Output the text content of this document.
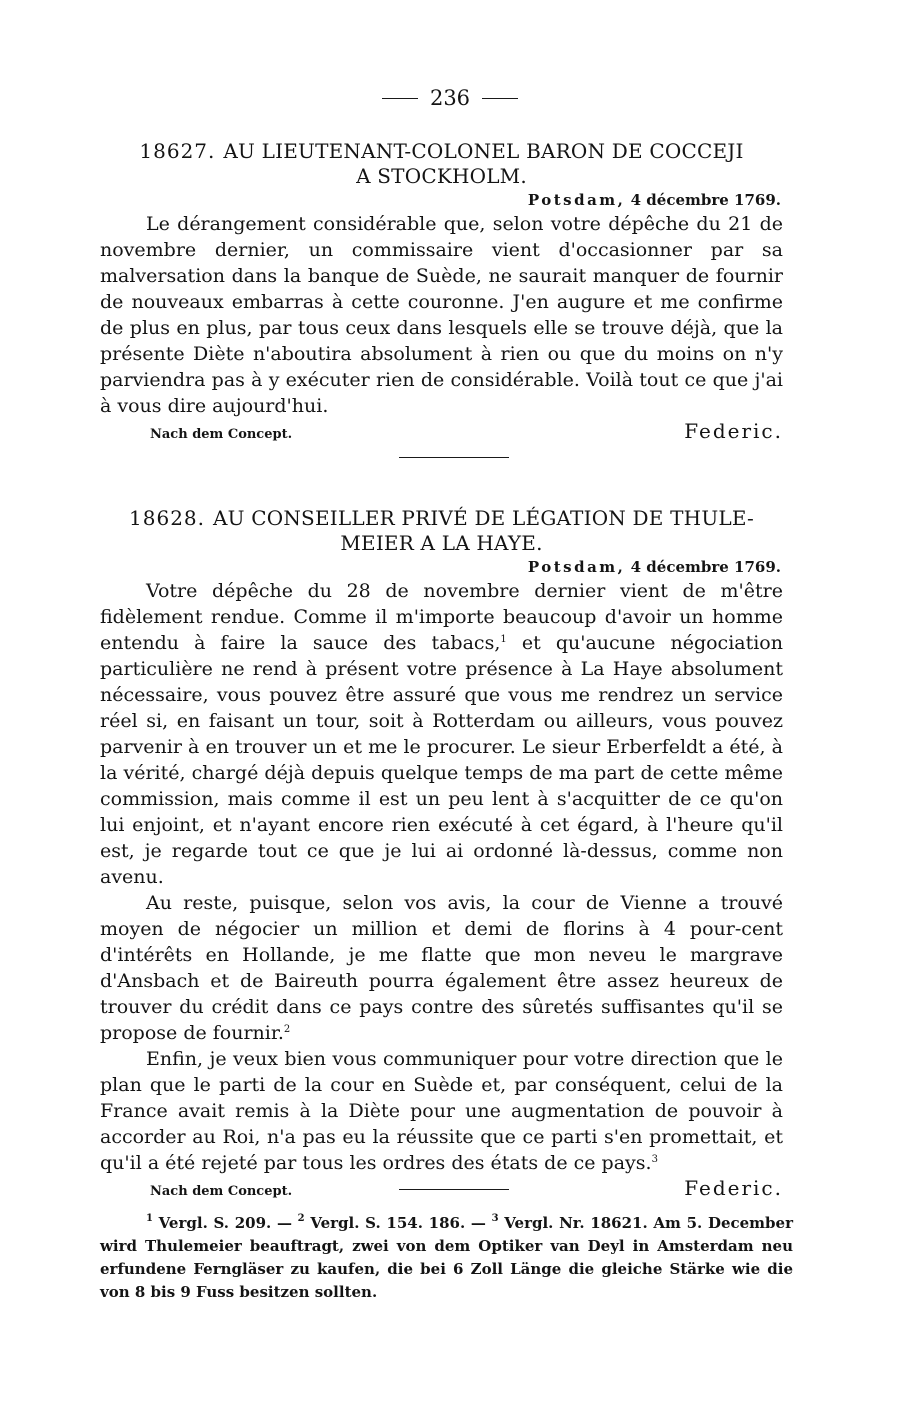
236
18627. AU LIEUTENANT-COLONEL BARON DE COCCEJI
A STOCKHOLM.
Potsdam, 4 décembre 1769.

Le dérangement considérable que, selon votre dépêche du 21 de novembre dernier, un commissaire vient d'occasionner par sa malversation dans la banque de Suède, ne saurait manquer de fournir de nouveaux embarras à cette couronne. J'en augure et me confirme de plus en plus, par tous ceux dans lesquels elle se trouve déjà, que la présente Diète n'aboutira absolument à rien ou que du moins on n'y parviendra pas à y exécuter rien de considérable. Voilà tout ce que j'ai à vous dire aujourd'hui.

Nach dem Concept.	Federic.
18628. AU CONSEILLER PRIVÉ DE LÉGATION DE THULE-
MEIER A LA HAYE.
Potsdam, 4 décembre 1769.

Votre dépêche du 28 de novembre dernier vient de m'être fidèlement rendue. Comme il m'importe beaucoup d'avoir un homme entendu à faire la sauce des tabacs,$^1$ et qu'aucune négociation particulière ne rend à présent votre présence à La Haye absolument nécessaire, vous pouvez être assuré que vous me rendrez un service réel si, en faisant un tour, soit à Rotterdam ou ailleurs, vous pouvez parvenir à en trouver un et me le procurer. Le sieur Erberfeldt a été, à la vérité, chargé déjà depuis quelque temps de ma part de cette même commission, mais comme il est un peu lent à s'acquitter de ce qu'on lui enjoint, et n'ayant encore rien exécuté à cet égard, à l'heure qu'il est, je regarde tout ce que je lui ai ordonné là-dessus, comme non avenu.

Au reste, puisque, selon vos avis, la cour de Vienne a trouvé moyen de négocier un million et demi de florins à 4 pour-cent d'intérêts en Hollande, je me flatte que mon neveu le margrave d'Ansbach et de Baireuth pourra également être assez heureux de trouver du crédit dans ce pays contre des sûretés suffisantes qu'il se propose de fournir.$^2$

Enfin, je veux bien vous communiquer pour votre direction que le plan que le parti de la cour en Suède et, par conséquent, celui de la France avait remis à la Diète pour une augmentation de pouvoir à accorder au Roi, n'a pas eu la réussite que ce parti s'en promettait, et qu'il a été rejeté par tous les ordres des états de ce pays.$^3$

Nach dem Concept.	Federic.

$^1$ Vergl. S. 209. — $^2$ Vergl. S. 154. 186. — $^3$ Vergl. Nr. 18621. Am 5. December wird Thulemeier beauftragt, zwei von dem Optiker van Deyl in Amsterdam neu erfundene Ferngläser zu kaufen, die bei 6 Zoll Länge die gleiche Stärke wie die von 8 bis 9 Fuss besitzen sollten.
